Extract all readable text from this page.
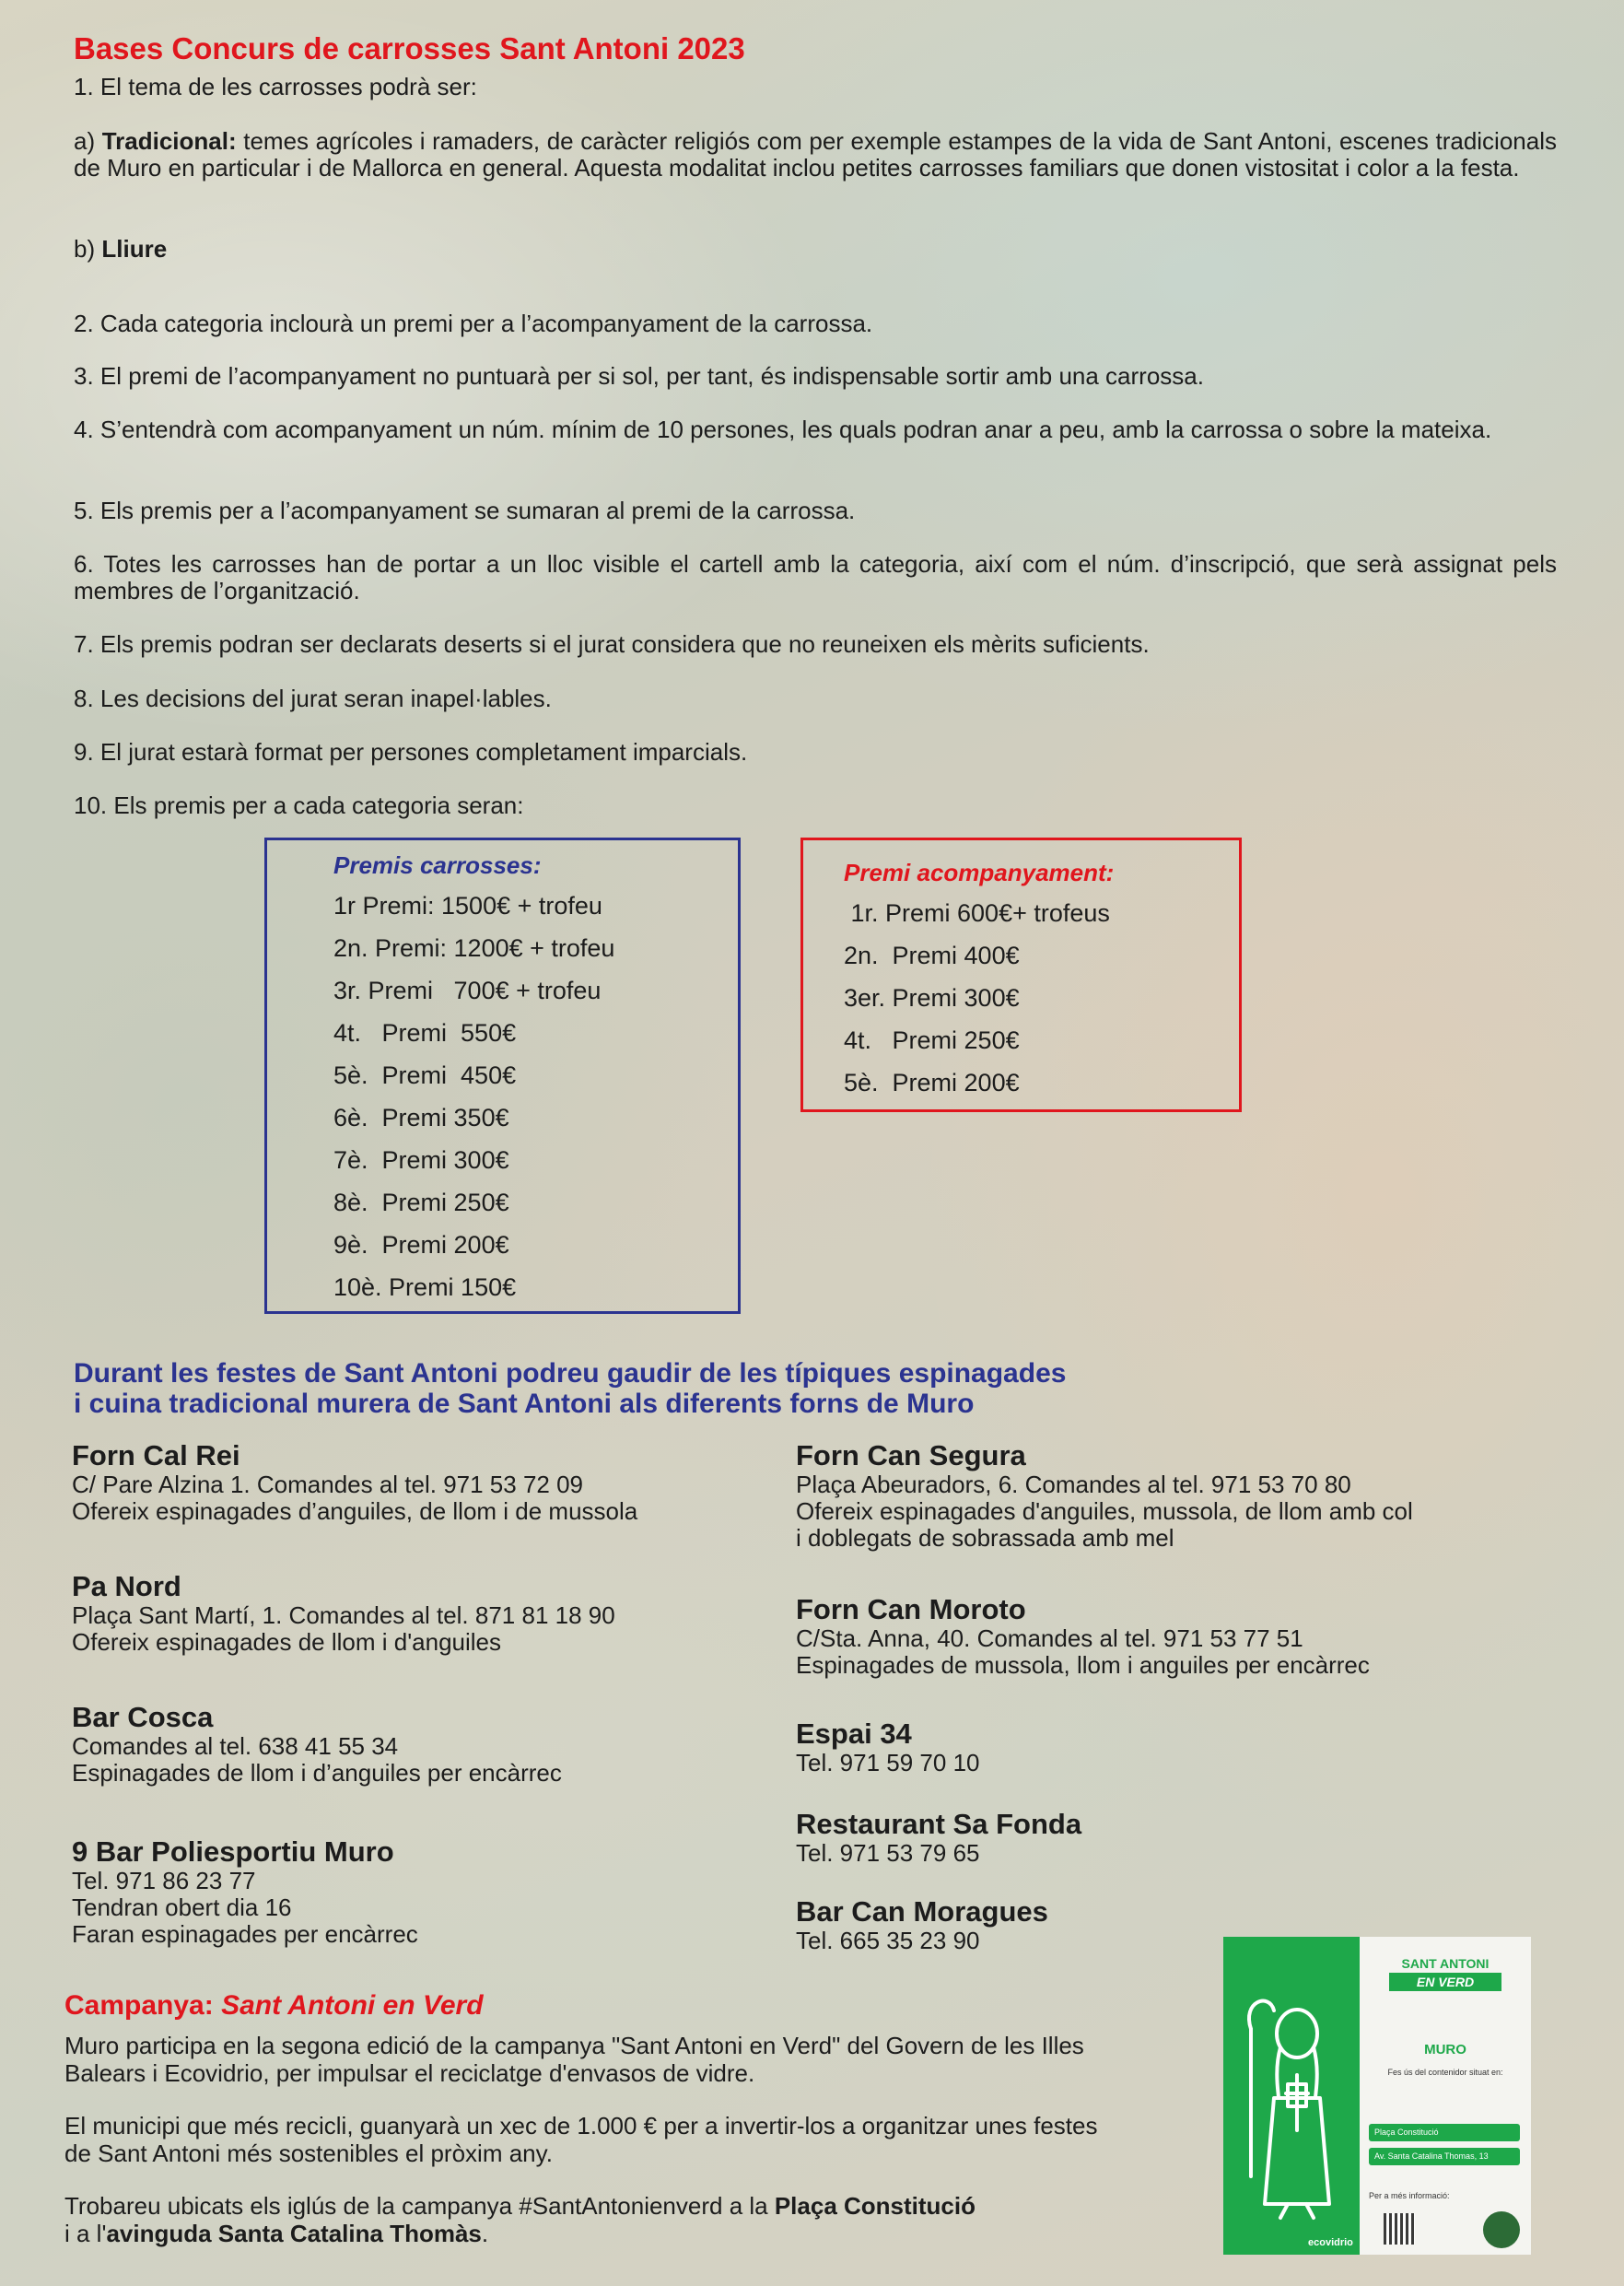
Bases Concurs de carrosses Sant Antoni 2023
1. El tema de les carrosses podrà ser:
a) Tradicional: temes agrícoles i ramaders, de caràcter religiós com per exemple estampes de la vida de Sant Antoni, escenes tradicionals de Muro en particular i de Mallorca en general. Aquesta modalitat inclou petites carrosses familiars que donen vistositat i color a la festa.
b) Lliure
2. Cada categoria inclourà un premi per a l’acompanyament de la carrossa.
3. El premi de l’acompanyament no puntuarà per si sol, per tant, és indispensable sortir amb una carrossa.
4. S’entendrà com acompanyament un núm. mínim de 10 persones, les quals podran anar a peu, amb la carrossa o sobre la mateixa.
5. Els premis per a l’acompanyament se sumaran al premi de la carrossa.
6. Totes les carrosses han de portar a un lloc visible el cartell amb la categoria, així com el núm. d’inscripció, que serà assignat pels membres de l’organització.
7. Els premis podran ser declarats deserts si el jurat considera que no reuneixen els mèrits suficients.
8. Les decisions del jurat seran inapel·lables.
9. El jurat estarà format per persones completament imparcials.
10. Els premis per a cada categoria seran:
Premis carrosses:
1r Premi: 1500€ + trofeu
2n. Premi: 1200€ + trofeu
3r. Premi   700€ + trofeu
4t.   Premi  550€
5è.  Premi  450€
6è.  Premi 350€
7è.  Premi 300€
8è.  Premi 250€
9è.  Premi 200€
10è. Premi 150€
Premi acompanyament:
1r. Premi 600€+ trofeus
2n.  Premi 400€
3er. Premi 300€
4t.   Premi 250€
5è.  Premi 200€
Durant les festes de Sant Antoni podreu gaudir de les típiques espinagades
i cuina tradicional murera de Sant Antoni als diferents forns de Muro
Forn Cal Rei
C/ Pare Alzina 1. Comandes al tel. 971 53 72 09
Ofereix espinagades d’anguiles, de llom i de mussola
Pa Nord
Plaça Sant Martí, 1. Comandes al tel. 871 81 18 90
Ofereix espinagades de llom i d'anguiles
Bar Cosca
Comandes al tel. 638 41 55 34
Espinagades de llom i d’anguiles per encàrrec
9 Bar Poliesportiu Muro
Tel. 971 86 23 77
Tendran obert dia 16
Faran espinagades per encàrrec
Forn Can Segura
Plaça Abeuradors, 6. Comandes al tel. 971 53 70 80
Ofereix espinagades d'anguiles, mussola, de llom amb col
i doblegats de sobrassada amb mel
Forn Can Moroto
C/Sta. Anna, 40. Comandes al tel. 971 53 77 51
Espinagades de mussola, llom i anguiles per encàrrec
Espai 34
Tel. 971 59 70 10
Restaurant Sa Fonda
Tel. 971 53 79 65
Bar Can Moragues
Tel. 665 35 23 90
Campanya: Sant Antoni en Verd
Muro participa en la segona edició de la campanya "Sant Antoni en Verd" del Govern de les Illes Balears i Ecovidrio, per impulsar el reciclatge d'envasos de vidre.
El municipi que més recicli, guanyarà un xec de 1.000 € per a invertir-los a organitzar unes festes de Sant Antoni més sostenibles el pròxim any.
Trobareu ubicats els iglús de la campanya #SantAntonienverd a la Plaça Constitució
i a l'avinguda Santa Catalina Thomàs.
SANT ANTONI
EN VERD
MURO
Fes ús del contenidor situat en:
Plaça Constitució
Av. Santa Catalina Thomas, 13
Per a més informació:
ecovidrio
